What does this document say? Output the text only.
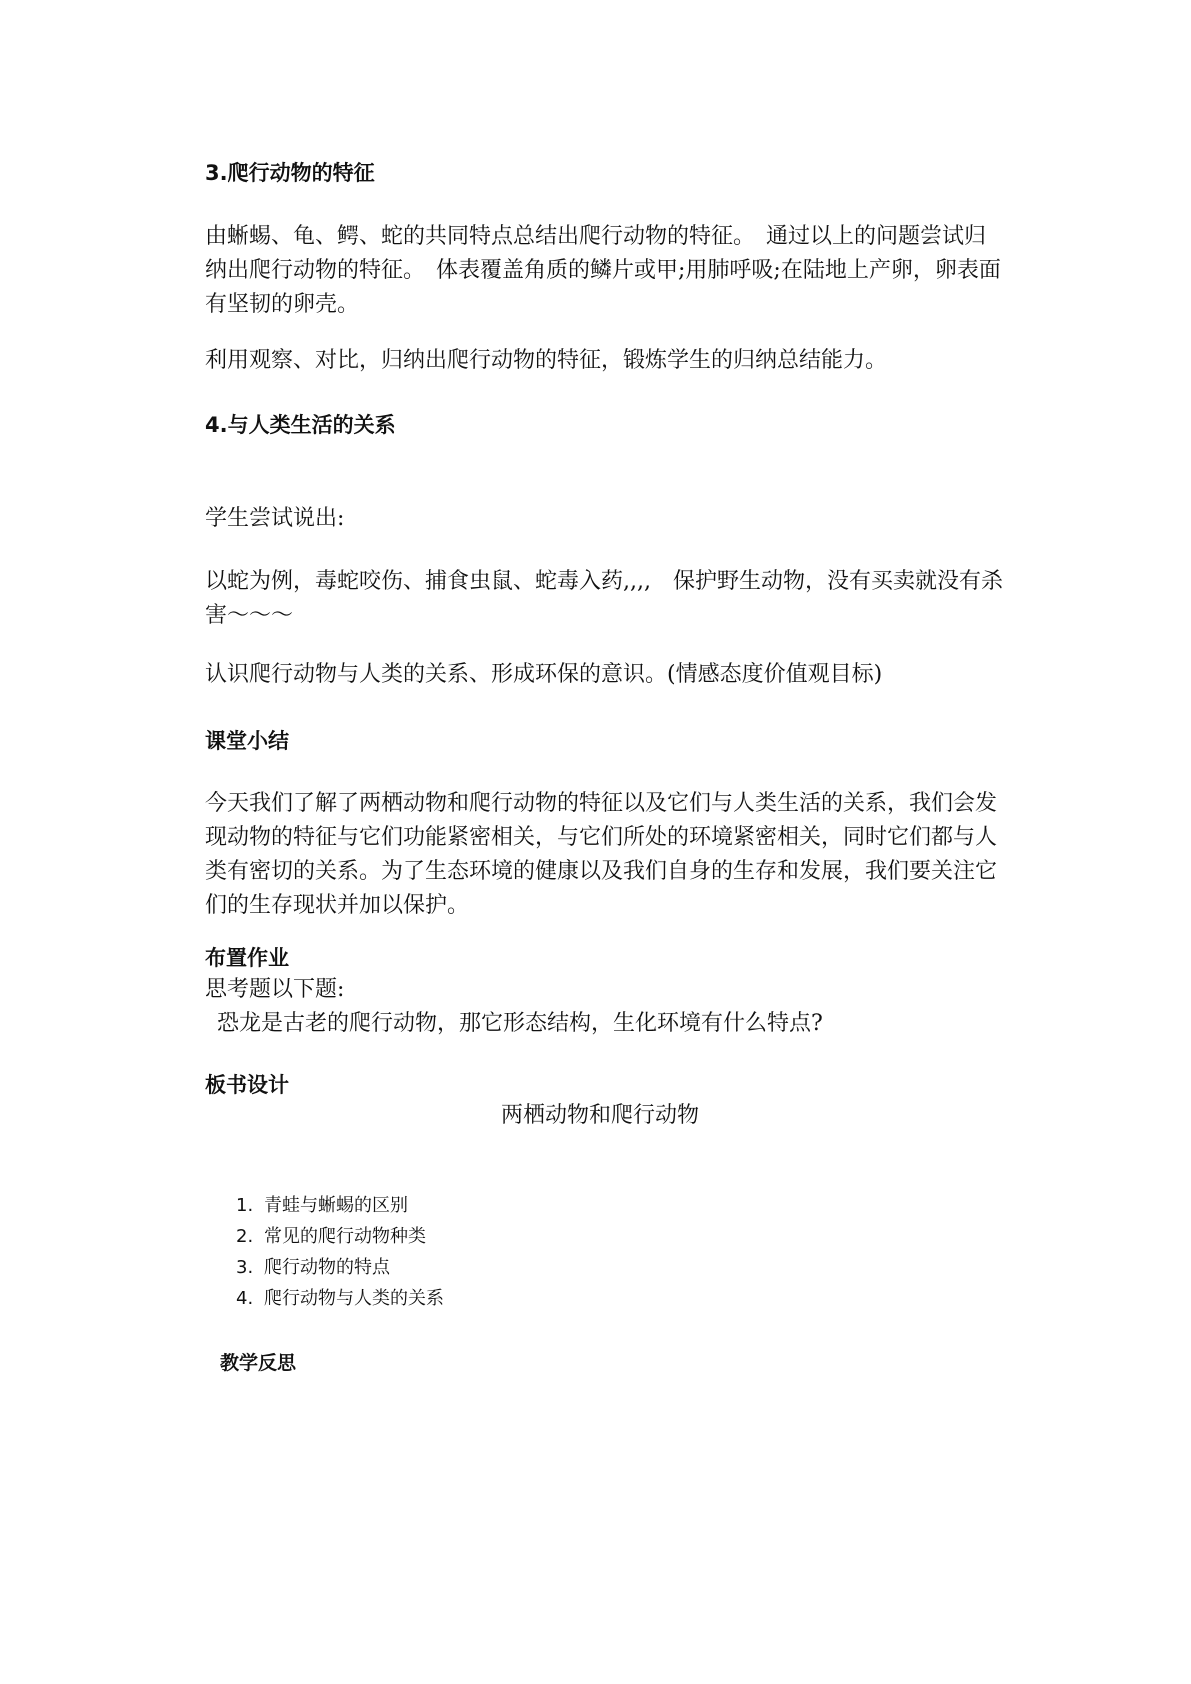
3.爬行动物的特征

由蜥蜴、龟、鳄、蛇的共同特点总结出爬行动物的特征。　通过以上的问题尝试归纳出爬行动物的特征。　体表覆盖角质的鳞片或甲;用肺呼吸;在陆地上产卵，卵表面有坚韧的卵壳。

利用观察、对比，归纳出爬行动物的特征，锻炼学生的归纳总结能力。

4.与人类生活的关系

学生尝试说出:

以蛇为例，毒蛇咬伤、捕食虫鼠、蛇毒入药,,,,　保护野生动物，没有买卖就没有杀害～～～

认识爬行动物与人类的关系、形成环保的意识。(情感态度价值观目标)

课堂小结

今天我们了解了两栖动物和爬行动物的特征以及它们与人类生活的关系，我们会发现动物的特征与它们功能紧密相关，与它们所处的环境紧密相关，同时它们都与人类有密切的关系。为了生态环境的健康以及我们自身的生存和发展，我们要关注它们的生存现状并加以保护。

布置作业

思考题以下题:

恐龙是古老的爬行动物，那它形态结构，生化环境有什么特点?

板书设计
两栖动物和爬行动物
1. 青蛙与蜥蜴的区别
2. 常见的爬行动物种类
3. 爬行动物的特点
4. 爬行动物与人类的关系
教学反思
